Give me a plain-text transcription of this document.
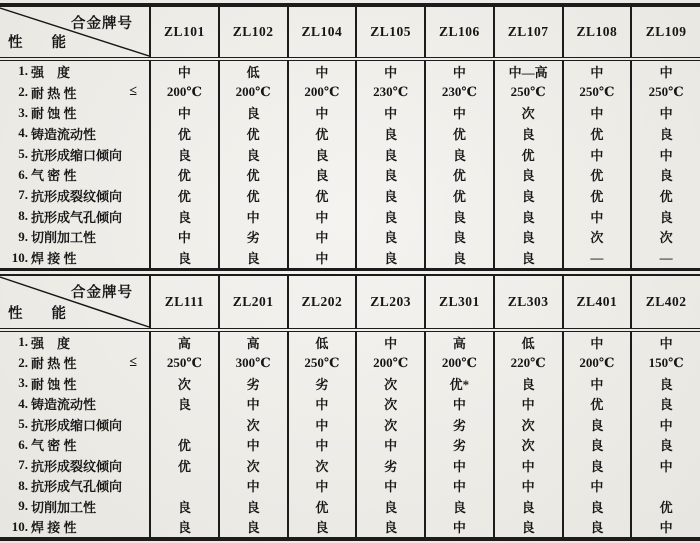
合金牌号
性　　能	ZL101	ZL102	ZL104	ZL105	ZL106	ZL107	ZL108	ZL109

1. 强　度	中	低	中	中	中	中—高	中	中

2. 耐 热 性 ≤	200℃	200℃	200℃	230℃	230℃	250℃	250℃	250℃

3. 耐 蚀 性	中	良	中	中	中	次	中	中

4. 铸造流动性	优	优	优	良	优	良	优	良

5. 抗形成缩口倾向	良	良	良	良	良	优	中	中

6. 气 密 性	优	优	良	良	优	良	优	良

7. 抗形成裂纹倾向	优	优	优	良	优	良	优	优

8. 抗形成气孔倾向	良	中	中	良	良	良	中	良

9. 切削加工性	中	劣	中	良	良	良	次	次

10. 焊 接 性	良	良	中	良	良	良	—	—
合金牌号
性　　能	ZL111	ZL201	ZL202	ZL203	ZL301	ZL303	ZL401	ZL402

1. 强　度	高	高	低	中	高	低	中	中

2. 耐 热 性 ≤	250℃	300℃	250℃	200℃	200℃	220℃	200℃	150℃

3. 耐 蚀 性	次	劣	劣	次	优*	良	中	良

4. 铸造流动性	良	中	中	次	中	中	优	良

5. 抗形成缩口倾向		次	中	次	劣	次	良	中

6. 气 密 性	优	中	中	中	劣	次	良	良

7. 抗形成裂纹倾向	优	次	次	劣	中	中	良	中

8. 抗形成气孔倾向		中	中	中	中	中	中	

9. 切削加工性	良	良	优	良	良	良	良	优

10. 焊 接 性	良	良	良	良	中	良	良	中
